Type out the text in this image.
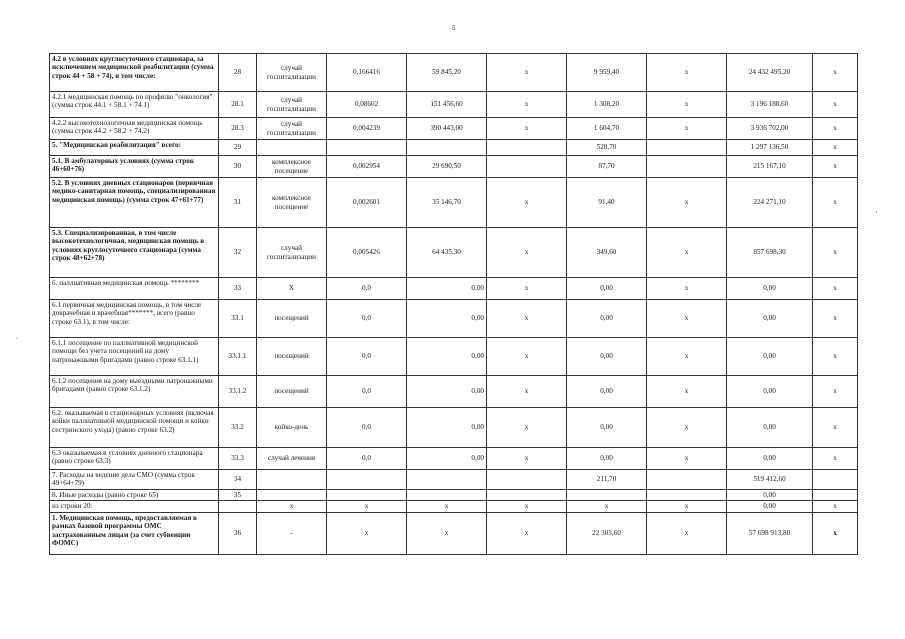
5
4.2 в условиях круглосуточного стационара, за исключением медицинской реабилитации (сумма строк 44 + 58 + 74), в том числе:	28	случай госпитализации	0,166416	59 845,20	х	9 959,40	х	24 432 495,20	х
4.2.1 медицинская помощь по профилю "онкология" (сумма строк 44.1 + 58.1 + 74.1)	28.1	случай госпитализации	0,08602	151 456,60	х	1 308,20	х	3 196 188,60	х
4.2.2 высокотехнологичная медицинская помощь (сумма строк 44.2 + 58.2 + 74.2)	28.3	случай госпитализации	0,004239	390 443,00	х	1 604,70	х	3 936 702,00	х
5. "Медицинская реабилитация" всего:	29					528,70		1 297 136,50	х
5.1. В амбулаторных условиях (сумма строк 46+60+76)	30	комплексное посещение	0,002954	29 690,50		87,70		215 167,10	х
5.2. В условиях дневных стационаров (первичная медико-санитарная помощь, специализированная медицинская помощь) (сумма строк 47+61+77)	31	комплексное посещение	0,002601	35 146,70	х	91,40	х	224 271,10	х
5.3. Специализированная, в том числе высокотехнологичная, медицинская помощь в условиях круглосуточного стационара (сумма строк 48+62+78)	32	случай госпитализации	0,005426	64 435,30	х	349,60	х	857 698,30	х
6. паллиативная медицинская помощь ********	33	X	0,0	0,00	х	0,00	х	0,00	х
6.1 первичная медицинская помощь, в том числе доврачебная и врачебная*******, всего (равно строке 63.1), в том числе:	33.1	посещений	0,0	0,00	х	0,00	х	0,00	х
6.1.1 посещение по паллиативной медицинской помощи без учета посещений на дому патронажными бригадами (равно строке 63.1.1)	33.1.1	посещений	0,0	0,00	х	0,00	х	0,00	х
6.1.2 посещения на дому выездными патронажными бригадами (равно строке 63.1.2)	33.1.2	посещений	0,0	0,00	х	0,00	х	0,00	х
6.2. оказываемая в стационарных условиях (включая койки паллиативной медицинской помощи и койки сестринского ухода) (равно строке 63.2)	33.2	койко-день	0,0	0,00	х	0,00	х	0,00	х
6.3 оказываемая в условиях дневного стационара (равно строке 63.3)	33.3	случай лечения	0,0	0,00	х	0,00	х	0,00	х
7. Расходы на ведение дела СМО (сумма строк 49+64+79)	34					211,70		519 412,60	
8. Иные расходы (равно строке 65)	35							0,00	
из строки 20:		х	х	х	х	х	х	0,00	х
1. Медицинская помощь, предоставляемая в рамках базовой программы ОМС застрахованным лицам (за счет субвенции ФОМС)	36	-	х	х	х	22 303,60	х	57 698 913,80	х
‚
·
